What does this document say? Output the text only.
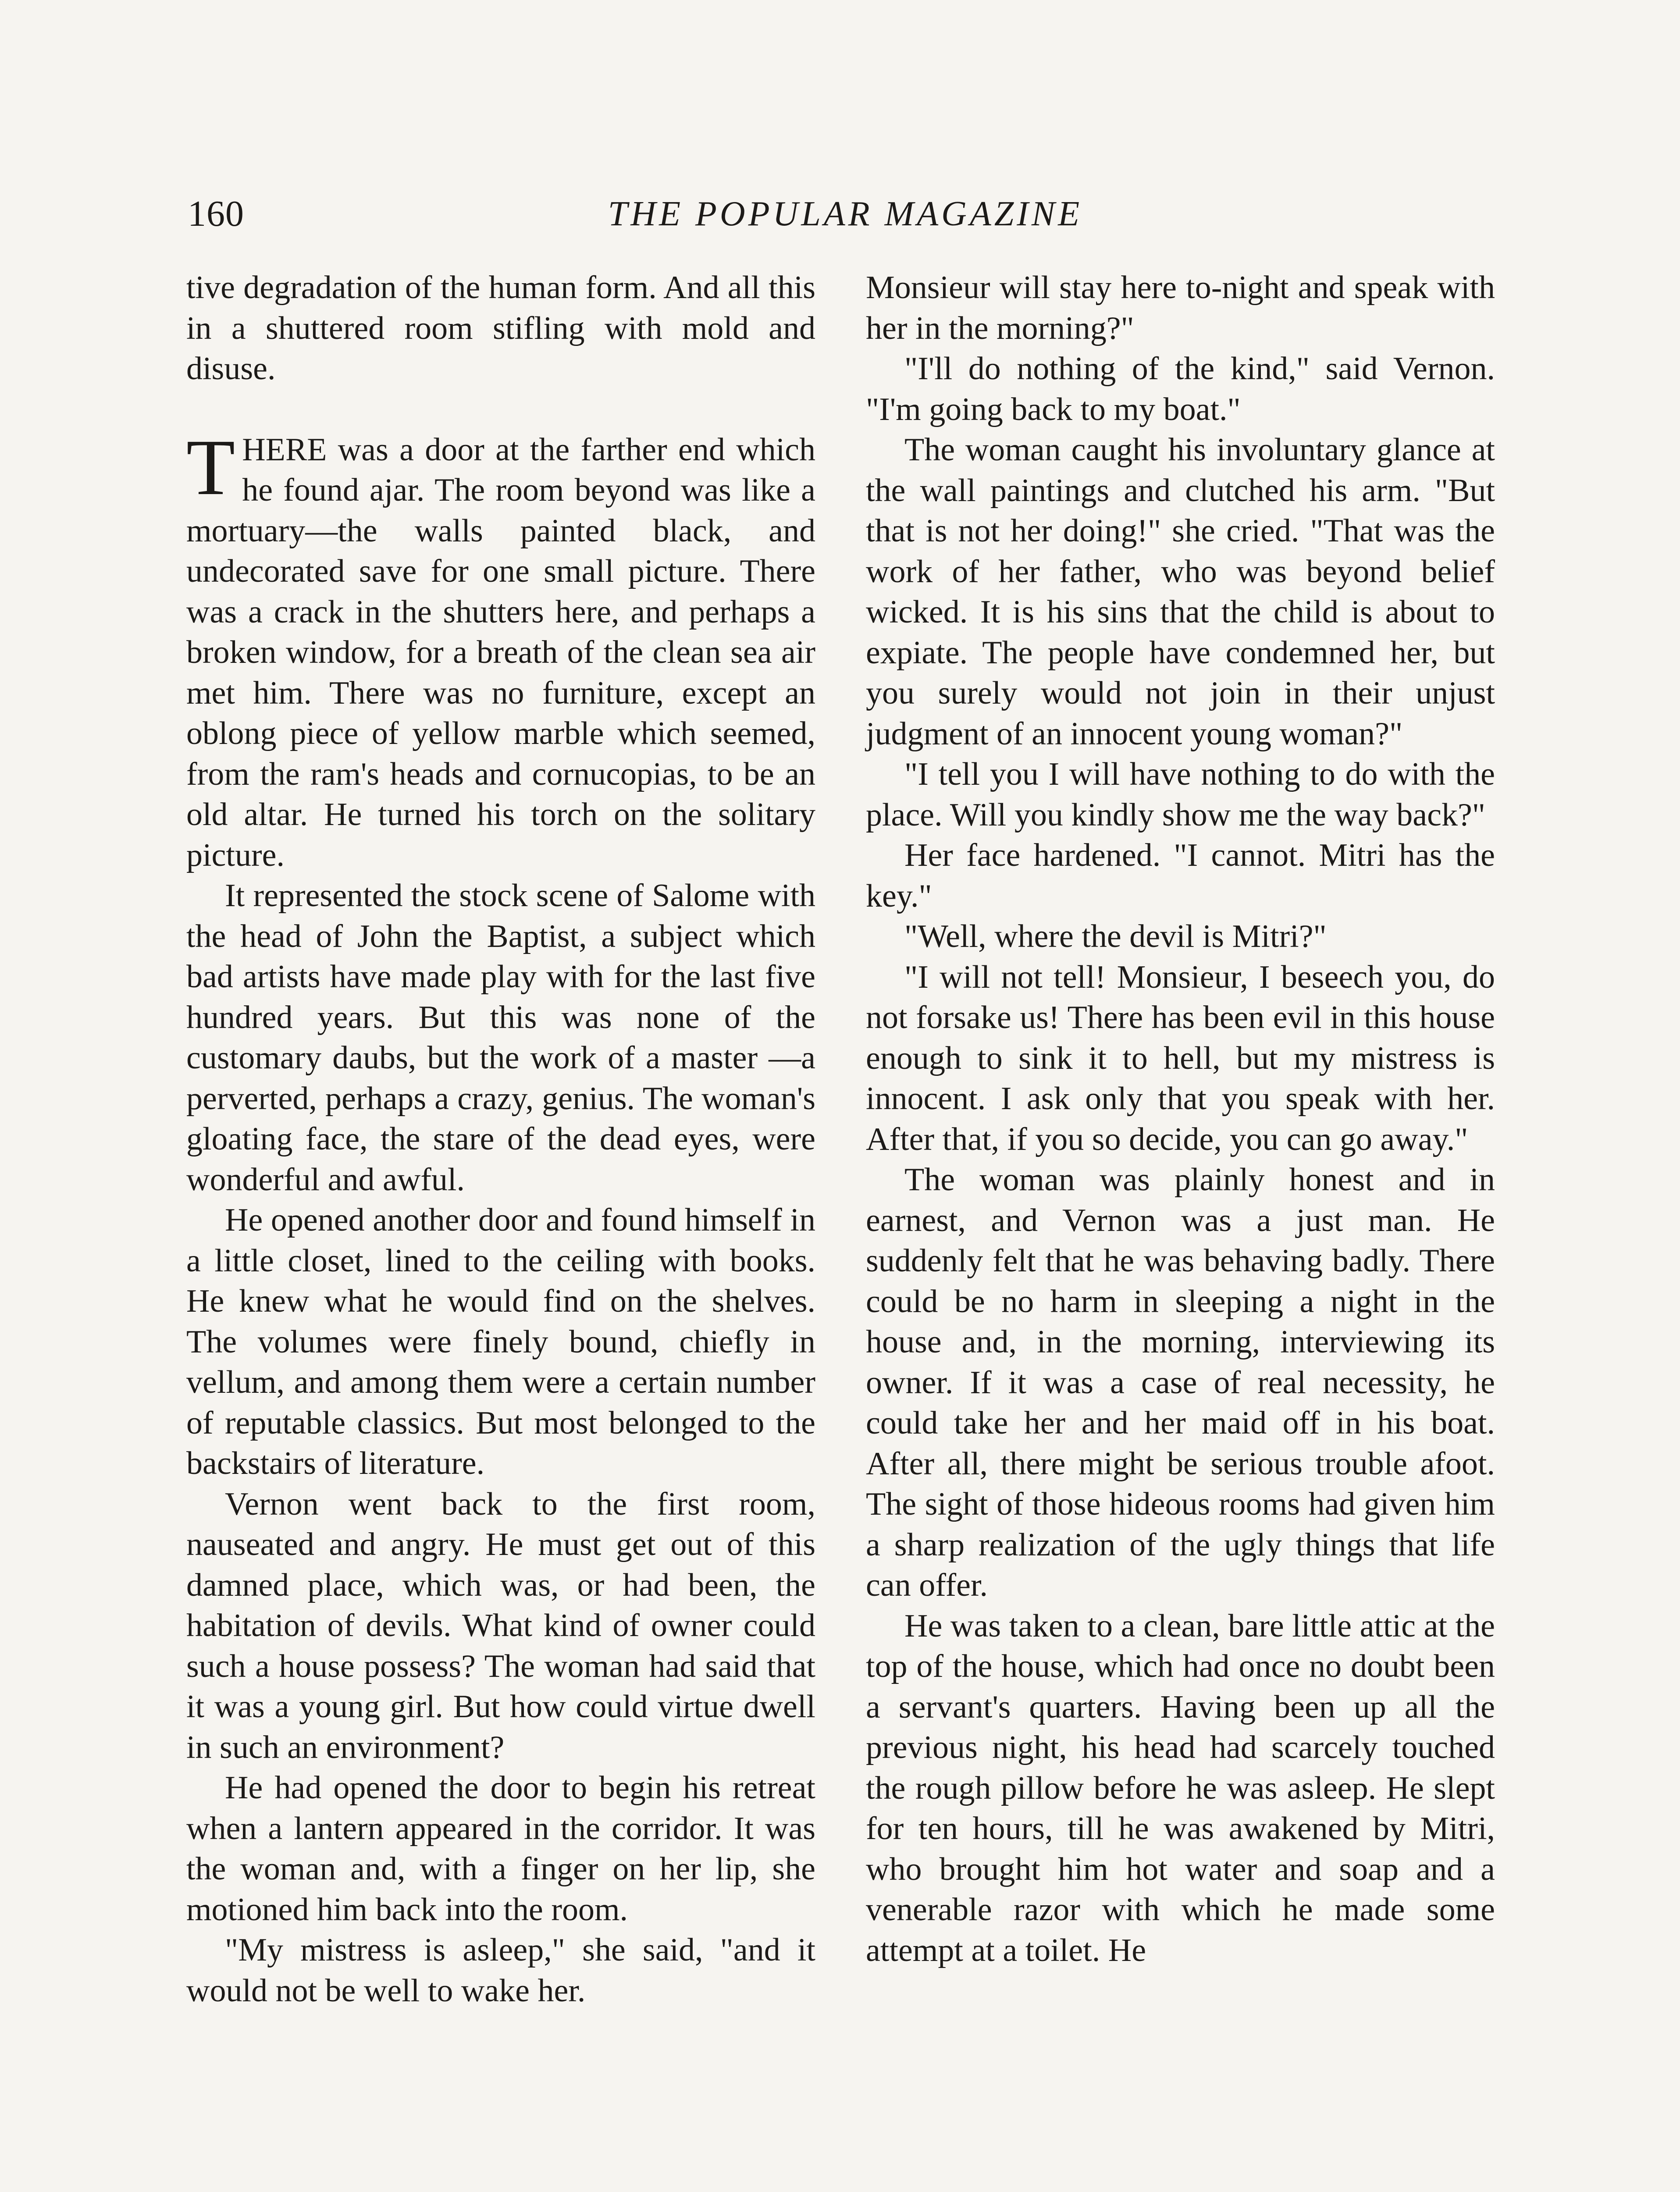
160	THE POPULAR MAGAZINE

tive degradation of the human form. And all this in a shuttered room stifling with mold and disuse.

THERE was a door at the farther end which he found ajar. The room beyond was like a mortuary—the walls painted black, and undecorated save for one small picture. There was a crack in the shutters here, and perhaps a broken window, for a breath of the clean sea air met him. There was no furniture, except an oblong piece of yellow marble which seemed, from the ram's heads and cornucopias, to be an old altar. He turned his torch on the solitary picture.

It represented the stock scene of Salome with the head of John the Baptist, a subject which bad artists have made play with for the last five hundred years. But this was none of the customary daubs, but the work of a master —a perverted, perhaps a crazy, genius. The woman's gloating face, the stare of the dead eyes, were wonderful and awful.

He opened another door and found himself in a little closet, lined to the ceiling with books. He knew what he would find on the shelves. The volumes were finely bound, chiefly in vellum, and among them were a certain number of reputable classics. But most belonged to the backstairs of literature.

Vernon went back to the first room, nauseated and angry. He must get out of this damned place, which was, or had been, the habitation of devils. What kind of owner could such a house possess? The woman had said that it was a young girl. But how could virtue dwell in such an environment?

He had opened the door to begin his retreat when a lantern appeared in the corridor. It was the woman and, with a finger on her lip, she motioned him back into the room.

"My mistress is asleep," she said, "and it would not be well to wake her.

Monsieur will stay here to-night and speak with her in the morning?"

"I'll do nothing of the kind," said Vernon. "I'm going back to my boat."

The woman caught his involuntary glance at the wall paintings and clutched his arm. "But that is not her doing!" she cried. "That was the work of her father, who was beyond belief wicked. It is his sins that the child is about to expiate. The people have condemned her, but you surely would not join in their unjust judgment of an innocent young woman?"

"I tell you I will have nothing to do with the place. Will you kindly show me the way back?"

Her face hardened. "I cannot. Mitri has the key."

"Well, where the devil is Mitri?"

"I will not tell! Monsieur, I beseech you, do not forsake us! There has been evil in this house enough to sink it to hell, but my mistress is innocent. I ask only that you speak with her. After that, if you so decide, you can go away."

The woman was plainly honest and in earnest, and Vernon was a just man. He suddenly felt that he was behaving badly. There could be no harm in sleeping a night in the house and, in the morning, interviewing its owner. If it was a case of real necessity, he could take her and her maid off in his boat. After all, there might be serious trouble afoot. The sight of those hideous rooms had given him a sharp realization of the ugly things that life can offer.

He was taken to a clean, bare little attic at the top of the house, which had once no doubt been a servant's quarters. Having been up all the previous night, his head had scarcely touched the rough pillow before he was asleep. He slept for ten hours, till he was awakened by Mitri, who brought him hot water and soap and a venerable razor with which he made some attempt at a toilet. He
